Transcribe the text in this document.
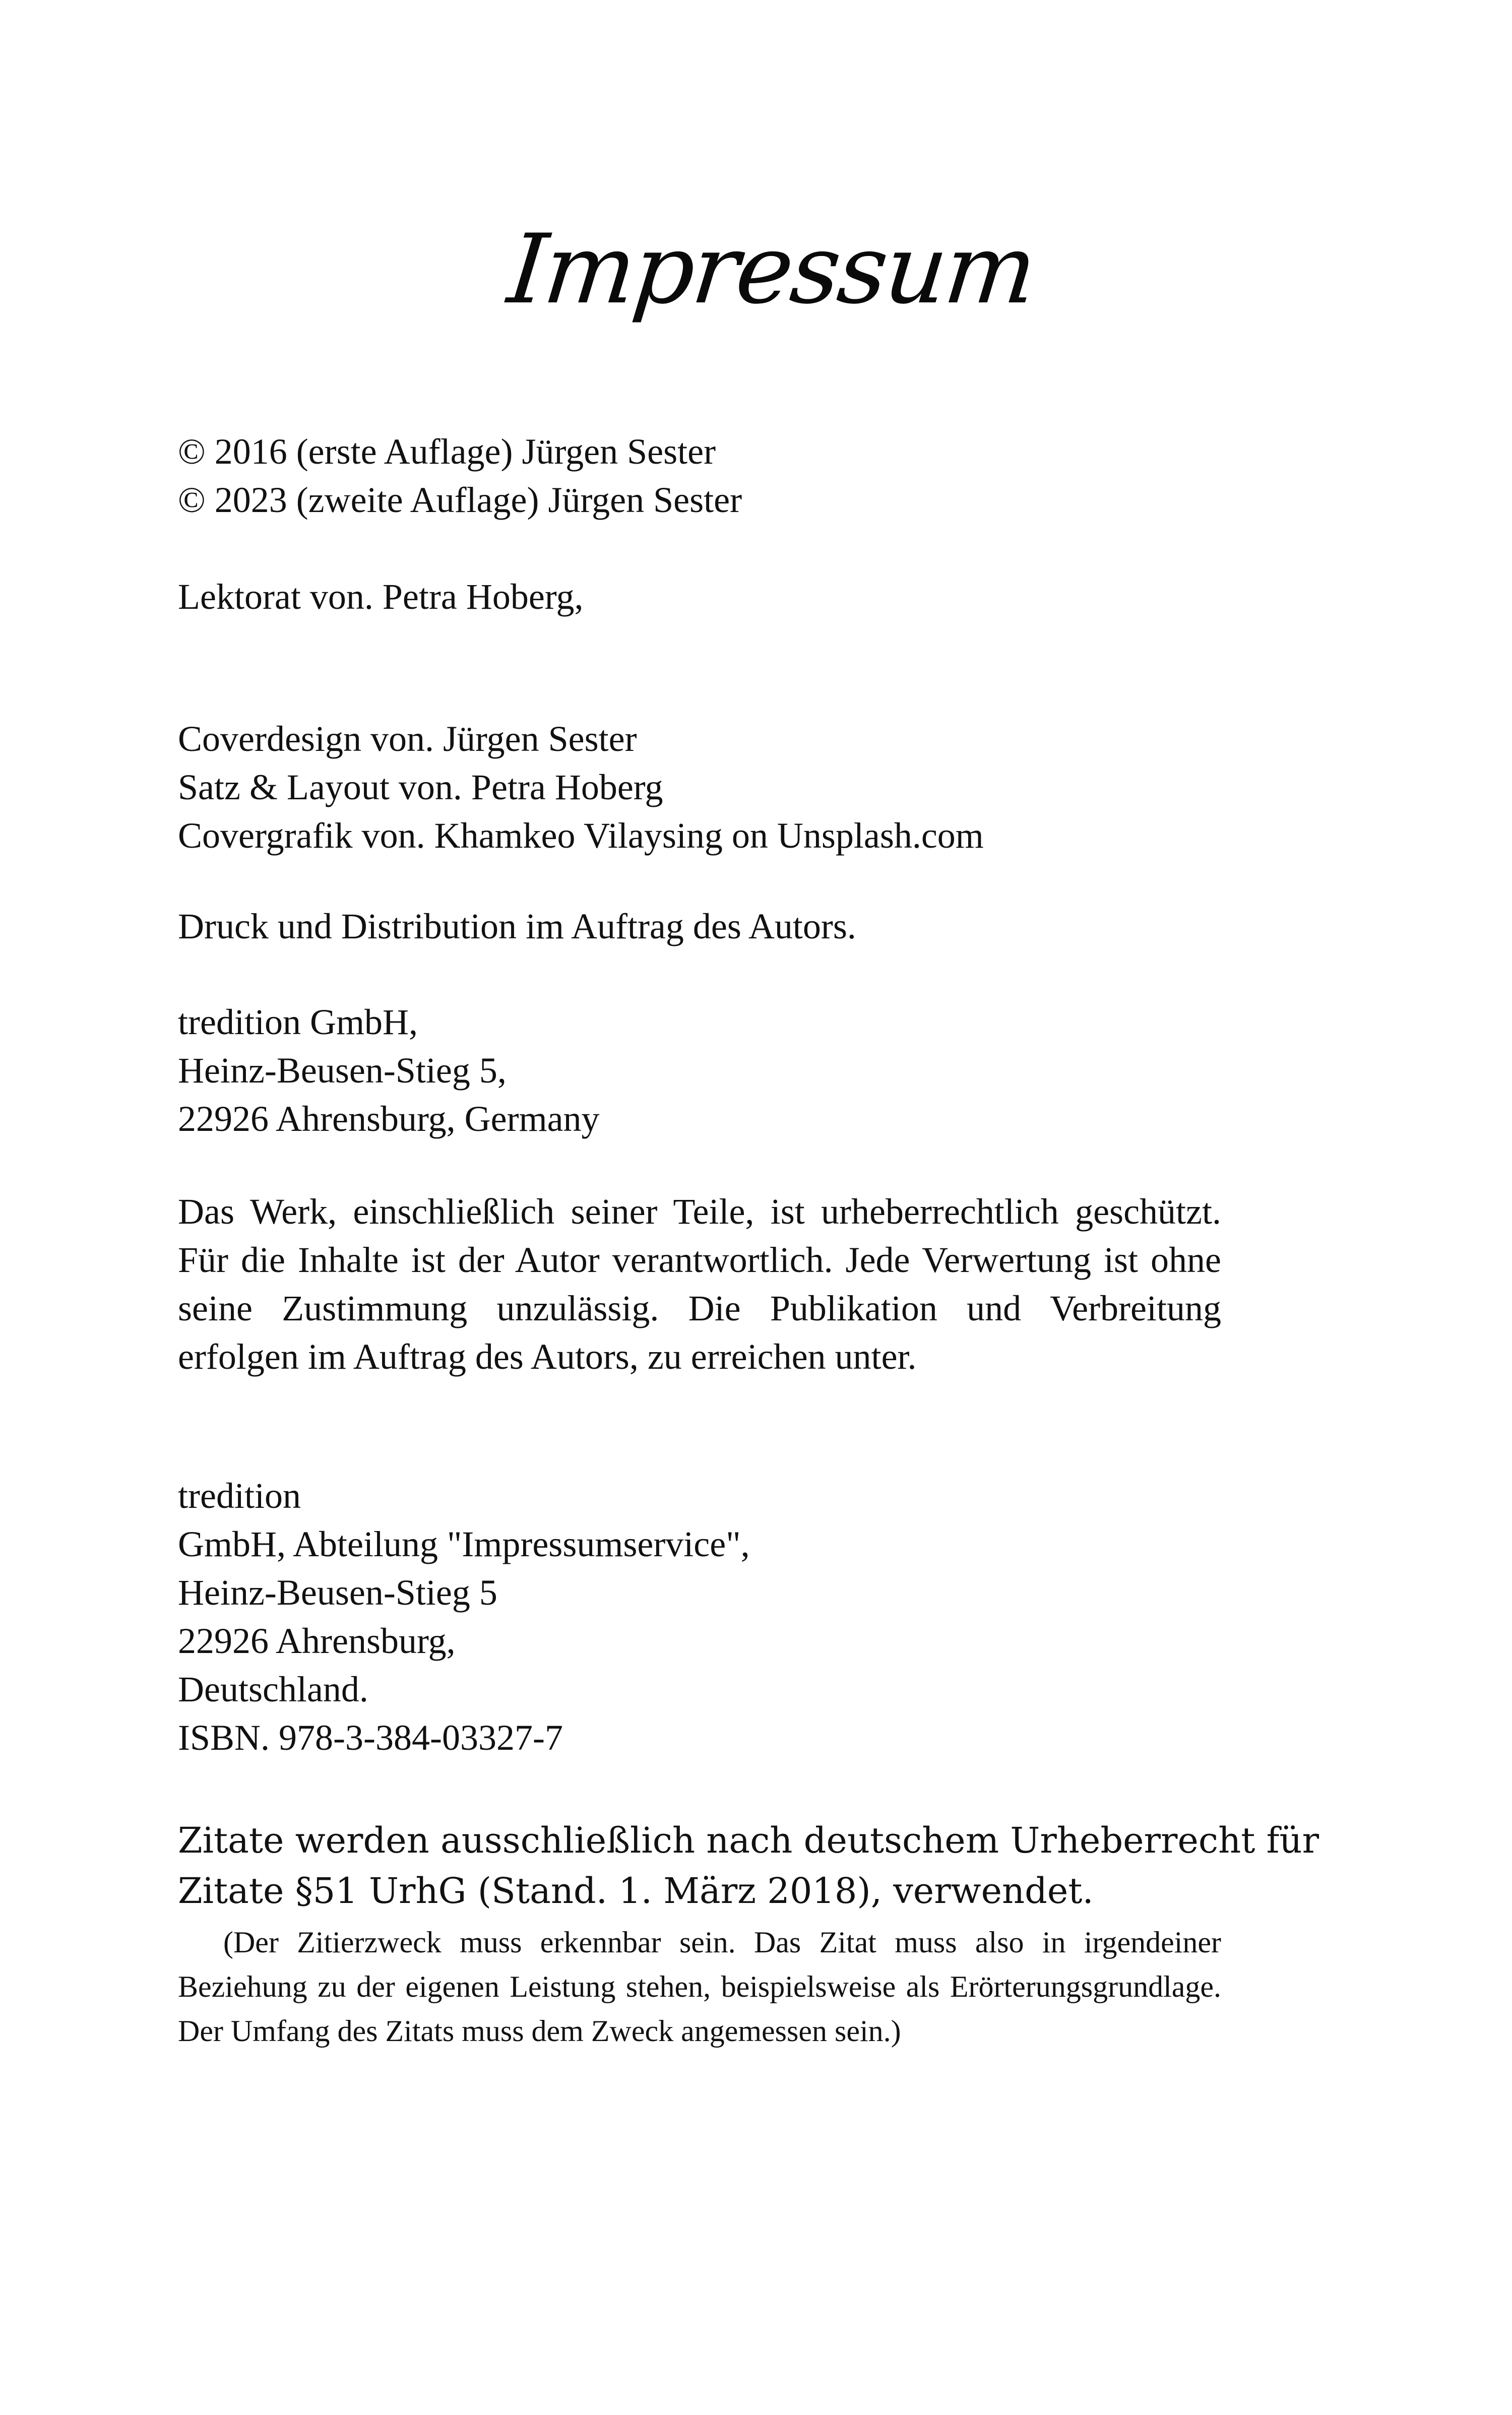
Impressum
© 2016 (erste Auflage) Jürgen Sester
© 2023 (zweite Auflage) Jürgen Sester
Lektorat von. Petra Hoberg,
Coverdesign von. Jürgen Sester
Satz & Layout von. Petra Hoberg
Covergrafik von. Khamkeo Vilaysing on Unsplash.com
Druck und Distribution im Auftrag des Autors.
tredition GmbH,
Heinz-Beusen-Stieg 5,
22926 Ahrensburg, Germany

Das Werk, einschließlich seiner Teile, ist urheberrechtlich geschützt. Für die Inhalte ist der Autor verantwortlich. Jede Verwertung ist ohne seine Zustimmung unzulässig. Die Publikation und Verbreitung erfolgen im Auftrag des Autors, zu erreichen unter.

tredition
GmbH, Abteilung "Impressumservice",
Heinz-Beusen-Stieg 5
22926 Ahrensburg,
Deutschland.
ISBN. 978-3-384-03327-7
Zitate werden ausschließlich nach deutschem Urheberrecht für
Zitate §51 UrhG (Stand. 1. März 2018), verwendet.

(Der Zitierzweck muss erkennbar sein. Das Zitat muss also in irgendeiner Beziehung zu der eigenen Leistung stehen, beispielsweise als Erörterungsgrundlage. Der Umfang des Zitats muss dem Zweck angemessen sein.)
